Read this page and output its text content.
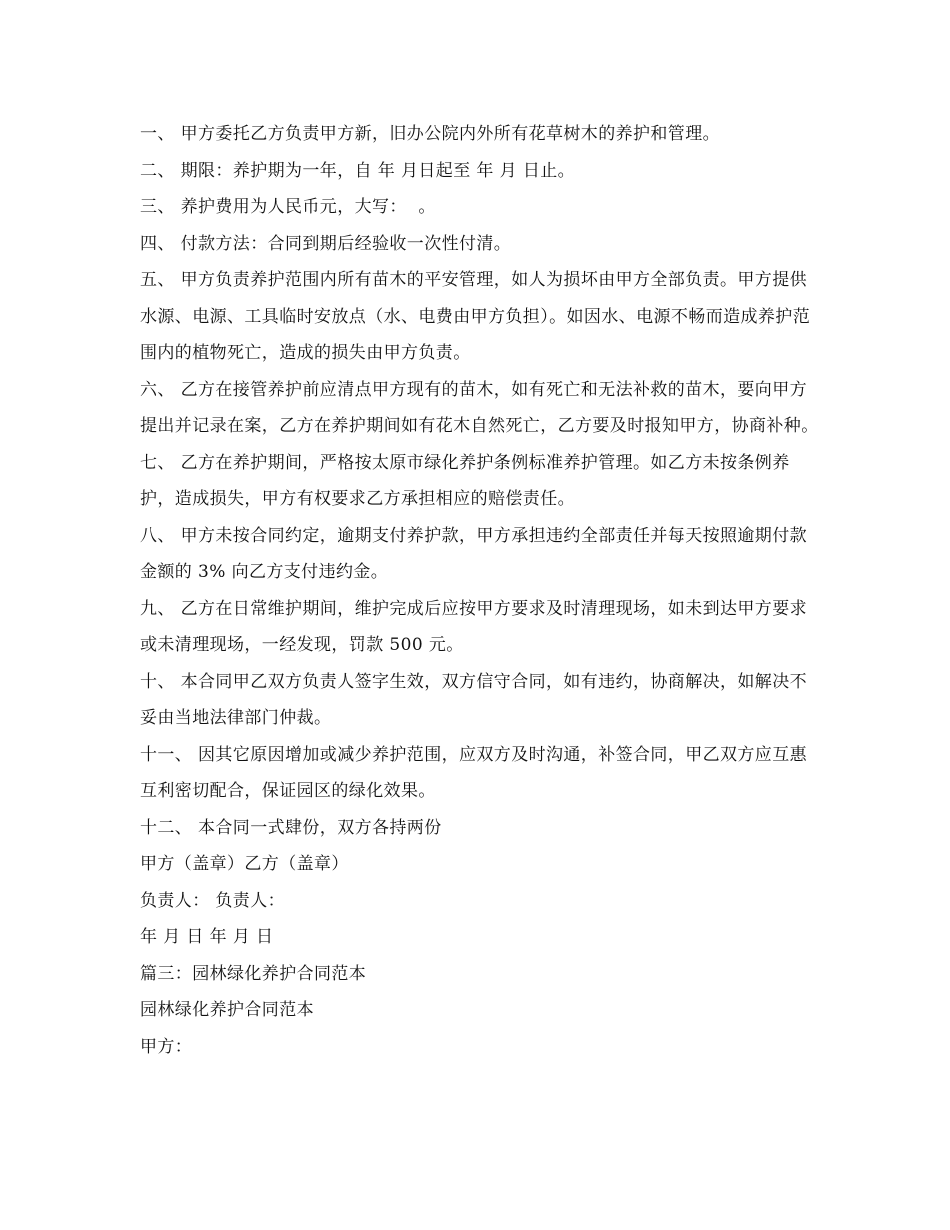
一、 甲方委托乙方负责甲方新，旧办公院内外所有花草树木的养护和管理。

二、 期限：养护期为一年，自 年 月日起至 年 月 日止。

三、 养护费用为人民币元，大写：  。

四、 付款方法：合同到期后经验收一次性付清。

五、 甲方负责养护范围内所有苗木的平安管理，如人为损坏由甲方全部负责。甲方提供水源、电源、工具临时安放点（水、电费由甲方负担）。如因水、电源不畅而造成养护范围内的植物死亡，造成的损失由甲方负责。

六、 乙方在接管养护前应清点甲方现有的苗木，如有死亡和无法补救的苗木，要向甲方提出并记录在案，乙方在养护期间如有花木自然死亡，乙方要及时报知甲方，协商补种。

七、 乙方在养护期间，严格按太原市绿化养护条例标准养护管理。如乙方未按条例养护，造成损失，甲方有权要求乙方承担相应的赔偿责任。

八、 甲方未按合同约定，逾期支付养护款，甲方承担违约全部责任并每天按照逾期付款金额的 3% 向乙方支付违约金。

九、 乙方在日常维护期间，维护完成后应按甲方要求及时清理现场，如未到达甲方要求或未清理现场，一经发现，罚款 500 元。

十、 本合同甲乙双方负责人签字生效，双方信守合同，如有违约，协商解决，如解决不妥由当地法律部门仲裁。

十一、 因其它原因增加或减少养护范围，应双方及时沟通，补签合同，甲乙双方应互惠互利密切配合，保证园区的绿化效果。

十二、 本合同一式肆份，双方各持两份

甲方（盖章）乙方（盖章）

负责人： 负责人：

年 月 日 年 月 日

篇三：园林绿化养护合同范本

园林绿化养护合同范本

甲方：
